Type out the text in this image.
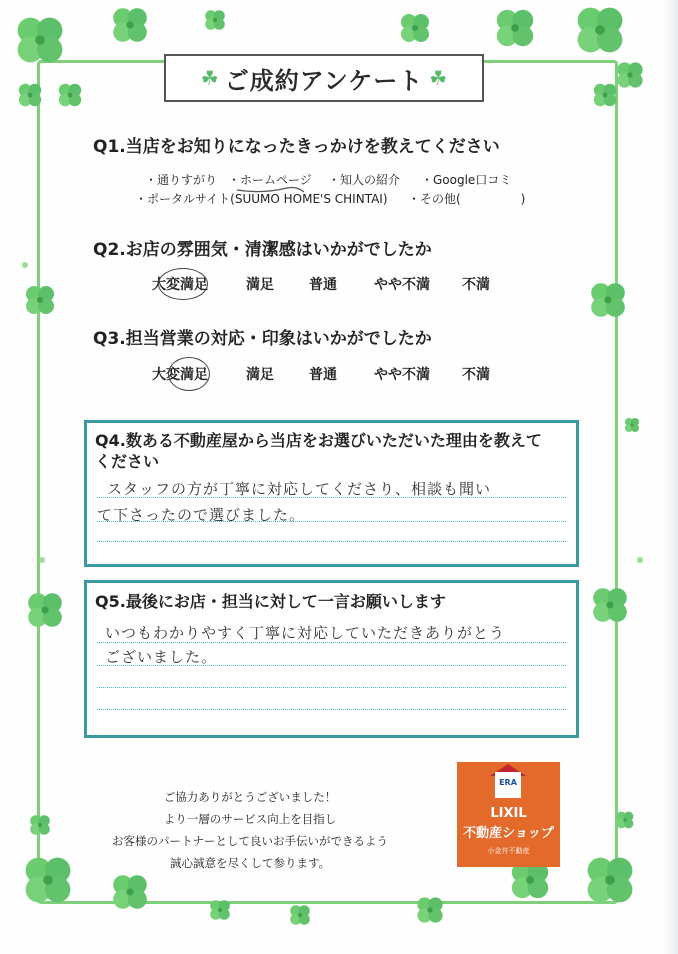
☘ ご成約アンケート ☘
Q1.当店をお知りになったきっかけを教えてください
・通りすがり ・ホームページ ・知人の紹介 ・Google口コミ
・ポータルサイト(SUUMO HOME'S CHINTAI) ・その他(　　　　　)
Q2.お店の雰囲気・清潔感はいかがでしたか
大変満足	満足	普通	やや不満 不満
Q3.担当営業の対応・印象はいかがでしたか
大変満足	満足	普通	やや不満 不満
Q4.数ある不動産屋から当店をお選びいただいた理由を教えて
ください
スタッフの方が丁寧に対応してくださり、相談も聞い
て下さったので選びました。
Q5.最後にお店・担当に対して一言お願いします
いつもわかりやすく丁寧に対応していただきありがとう
ございました。
ご協力ありがとうございました！
より一層のサービス向上を目指し
お客様のパートナーとして良いお手伝いができるよう
誠心誠意を尽くして参ります。
ERA
LIXIL
不動産ショップ
小金井不動産
